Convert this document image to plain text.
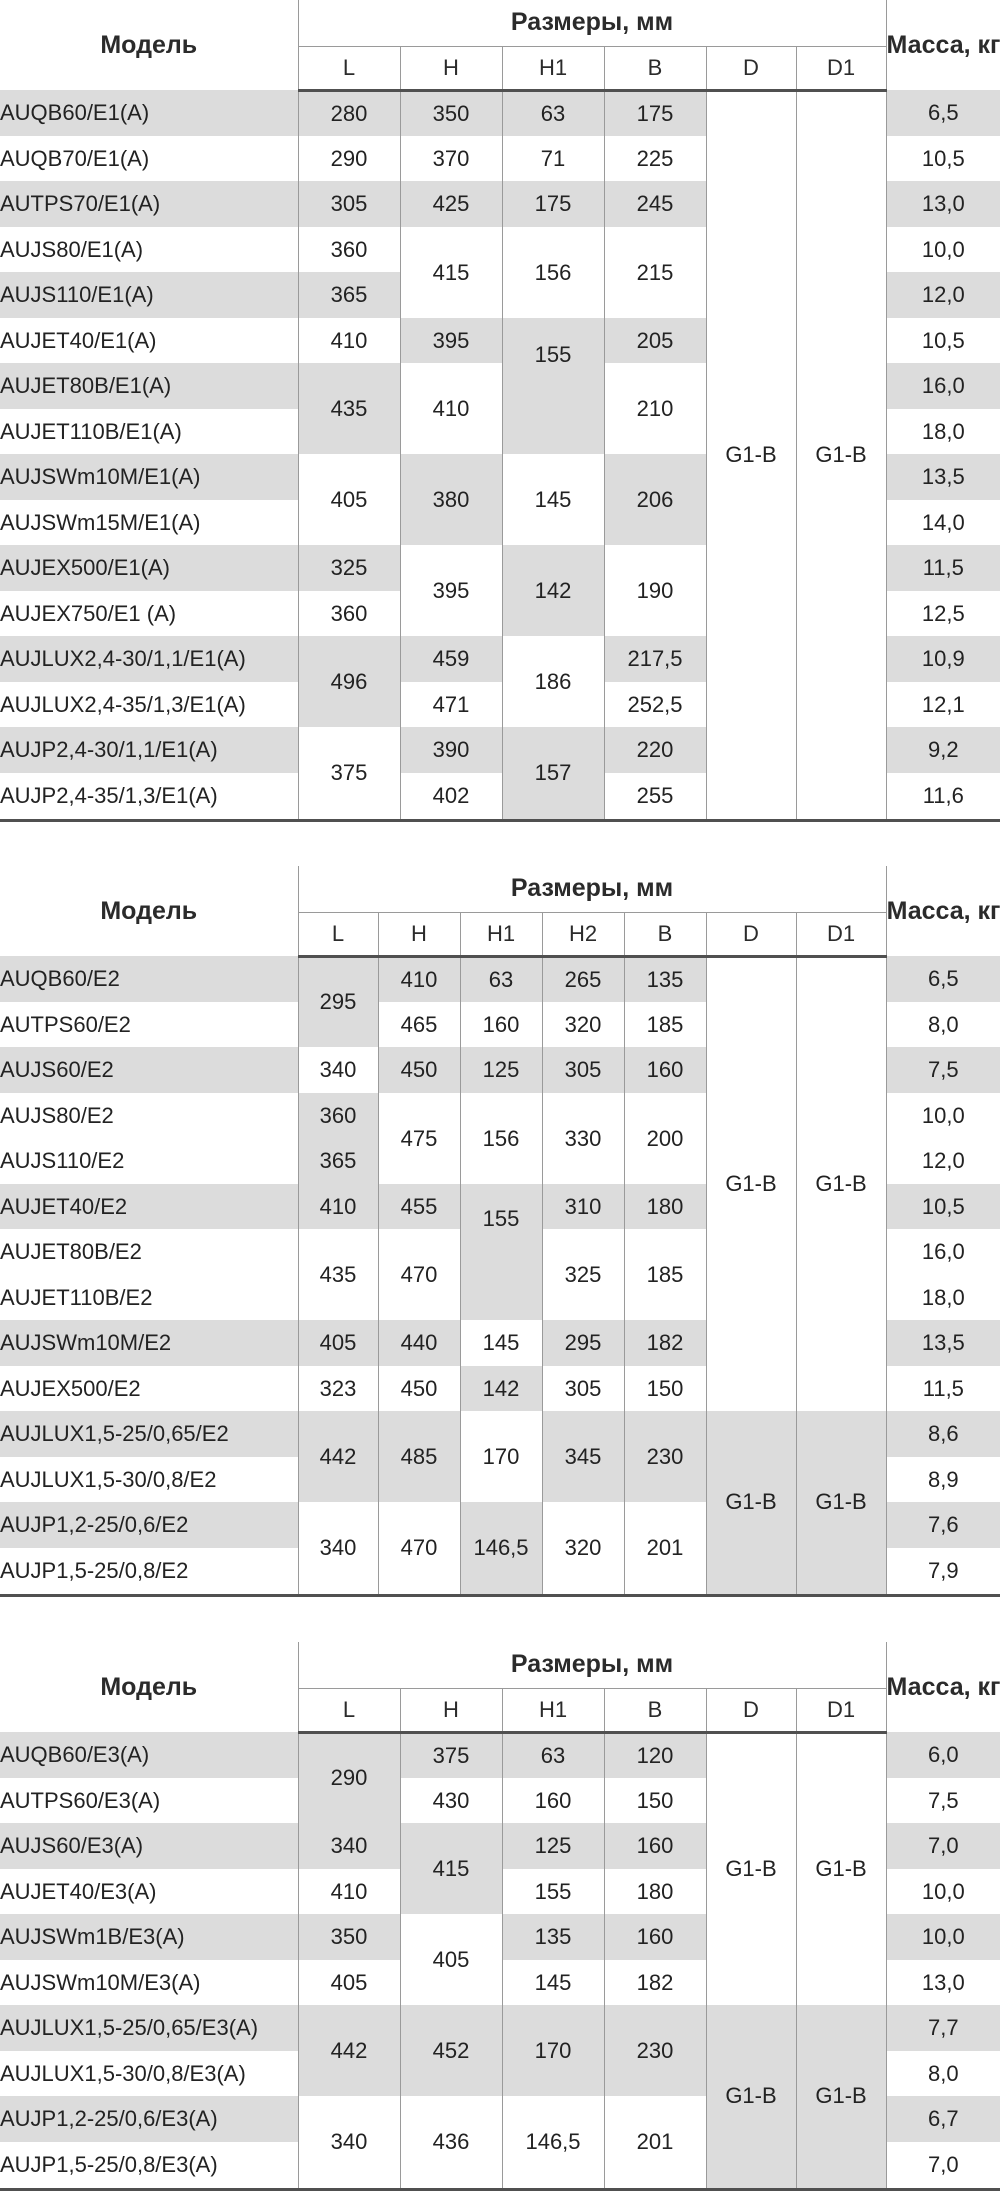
Модель	Размеры, мм						Масса, кг
	L	H	H1	B	D	D1	
AUQB60/E1(A)	280	350	63	175	G1-B	G1-B	6,5
AUQB70/E1(A)	290	370	71	225			10,5
AUTPS70/E1(A)	305	425	175	245			13,0
AUJS80/E1(A)	360	415	156	215			10,0
AUJS110/E1(A)	365						12,0
AUJET40/E1(A)	410	395	155	205			10,5
AUJET80B/E1(A)	435	410		210			16,0
AUJET110B/E1(A)							18,0
AUJSWm10M/E1(A)	405	380	145	206			13,5
AUJSWm15M/E1(A)							14,0
AUJEX500/E1(A)	325	395	142	190			11,5
AUJEX750/E1 (A)	360						12,5
AUJLUX2,4-30/1,1/E1(A)	496	459	186	217,5			10,9
AUJLUX2,4-35/1,3/E1(A)		471		252,5			12,1
AUJP2,4-30/1,1/E1(A)	375	390	157	220			9,2
AUJP2,4-35/1,3/E1(A)		402		255			11,6
Модель	Размеры, мм							Масса, кг
	L	H	H1	H2	B	D	D1	
AUQB60/E2	295	410	63	265	135	G1-B	G1-B	6,5
AUTPS60/E2		465	160	320	185			8,0
AUJS60/E2	340	450	125	305	160			7,5
AUJS80/E2	360	475	156	330	200			10,0
AUJS110/E2	365							12,0
AUJET40/E2	410	455	155	310	180			10,5
AUJET80B/E2	435	470		325	185			16,0
AUJET110B/E2								18,0
AUJSWm10M/E2	405	440	145	295	182			13,5
AUJEX500/E2	323	450	142	305	150			11,5
AUJLUX1,5-25/0,65/E2	442	485	170	345	230	G1-B	G1-B	8,6
AUJLUX1,5-30/0,8/E2								8,9
AUJP1,2-25/0,6/E2	340	470	146,5	320	201			7,6
AUJP1,5-25/0,8/E2								7,9
Модель	Размеры, мм						Масса, кг
	L	H	H1	B	D	D1	
AUQB60/E3(A)	290	375	63	120	G1-B	G1-B	6,0
AUTPS60/E3(A)		430	160	150			7,5
AUJS60/E3(A)	340	415	125	160			7,0
AUJET40/E3(A)	410		155	180			10,0
AUJSWm1B/E3(A)	350	405	135	160			10,0
AUJSWm10M/E3(A)	405		145	182			13,0
AUJLUX1,5-25/0,65/E3(A)	442	452	170	230	G1-B	G1-B	7,7
AUJLUX1,5-30/0,8/E3(A)							8,0
AUJP1,2-25/0,6/E3(A)	340	436	146,5	201			6,7
AUJP1,5-25/0,8/E3(A)							7,0
